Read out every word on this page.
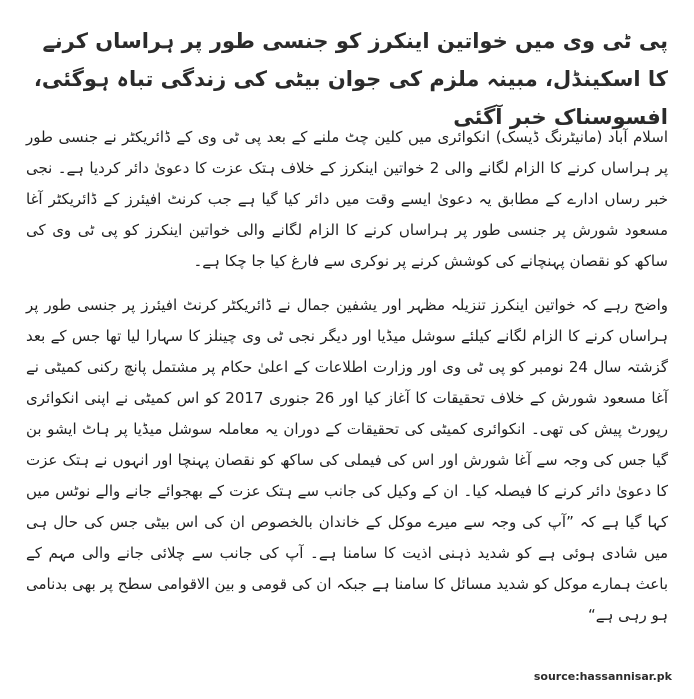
پی ٹی وی میں خواتین اینکرز کو جنسی طور پر ہراساں کرنے کا اسکینڈل، مبینہ ملزم کی جوان بیٹی کی زندگی تباہ ہوگئی، افسوسناک خبر آگئی

اسلام آباد (مانیٹرنگ ڈیسک) انکوائری میں کلین چٹ ملنے کے بعد پی ٹی وی کے ڈائریکٹر نے جنسی طور پر ہراساں کرنے کا الزام لگانے والی 2 خواتین اینکرز کے خلاف ہتک عزت کا دعویٰ دائر کردیا ہے۔ نجی خبر رساں ادارے کے مطابق یہ دعویٰ ایسے وقت میں دائر کیا گیا ہے جب کرنٹ افیئرز کے ڈائریکٹر آغا مسعود شورش پر جنسی طور پر ہراساں کرنے کا الزام لگانے والی خواتین اینکرز کو پی ٹی وی کی ساکھ کو نقصان پہنچانے کی کوشش کرنے پر نوکری سے فارغ کیا جا چکا ہے۔

واضح رہے کہ خواتین اینکرز تنزیلہ مظہر اور یشفین جمال نے ڈائریکٹر کرنٹ افیئرز پر جنسی طور پر ہراساں کرنے کا الزام لگانے کیلئے سوشل میڈیا اور دیگر نجی ٹی وی چینلز کا سہارا لیا تھا جس کے بعد گزشتہ سال 24 نومبر کو پی ٹی وی اور وزارت اطلاعات کے اعلیٰ حکام پر مشتمل پانچ رکنی کمیٹی نے آغا مسعود شورش کے خلاف تحقیقات کا آغاز کیا اور 26 جنوری 2017 کو اس کمیٹی نے اپنی انکوائری رپورٹ پیش کی تھی۔ انکوائری کمیٹی کی تحقیقات کے دوران یہ معاملہ سوشل میڈیا پر ہاٹ ایشو بن گیا جس کی وجہ سے آغا شورش اور اس کی فیملی کی ساکھ کو نقصان پہنچا اور انہوں نے ہتک عزت کا دعویٰ دائر کرنے کا فیصلہ کیا۔ ان کے وکیل کی جانب سے ہتک عزت کے بھجوائے جانے والے نوٹس میں کہا گیا ہے کہ ”آپ کی وجہ سے میرے موکل کے خاندان بالخصوص ان کی اس بیٹی جس کی حال ہی میں شادی ہوئی ہے کو شدید ذہنی اذیت کا سامنا ہے۔ آپ کی جانب سے چلائی جانے والی مہم کے باعث ہمارے موکل کو شدید مسائل کا سامنا ہے جبکہ ان کی قومی و بین الاقوامی سطح پر بھی بدنامی ہو رہی ہے“

source:hassannisar.pk
